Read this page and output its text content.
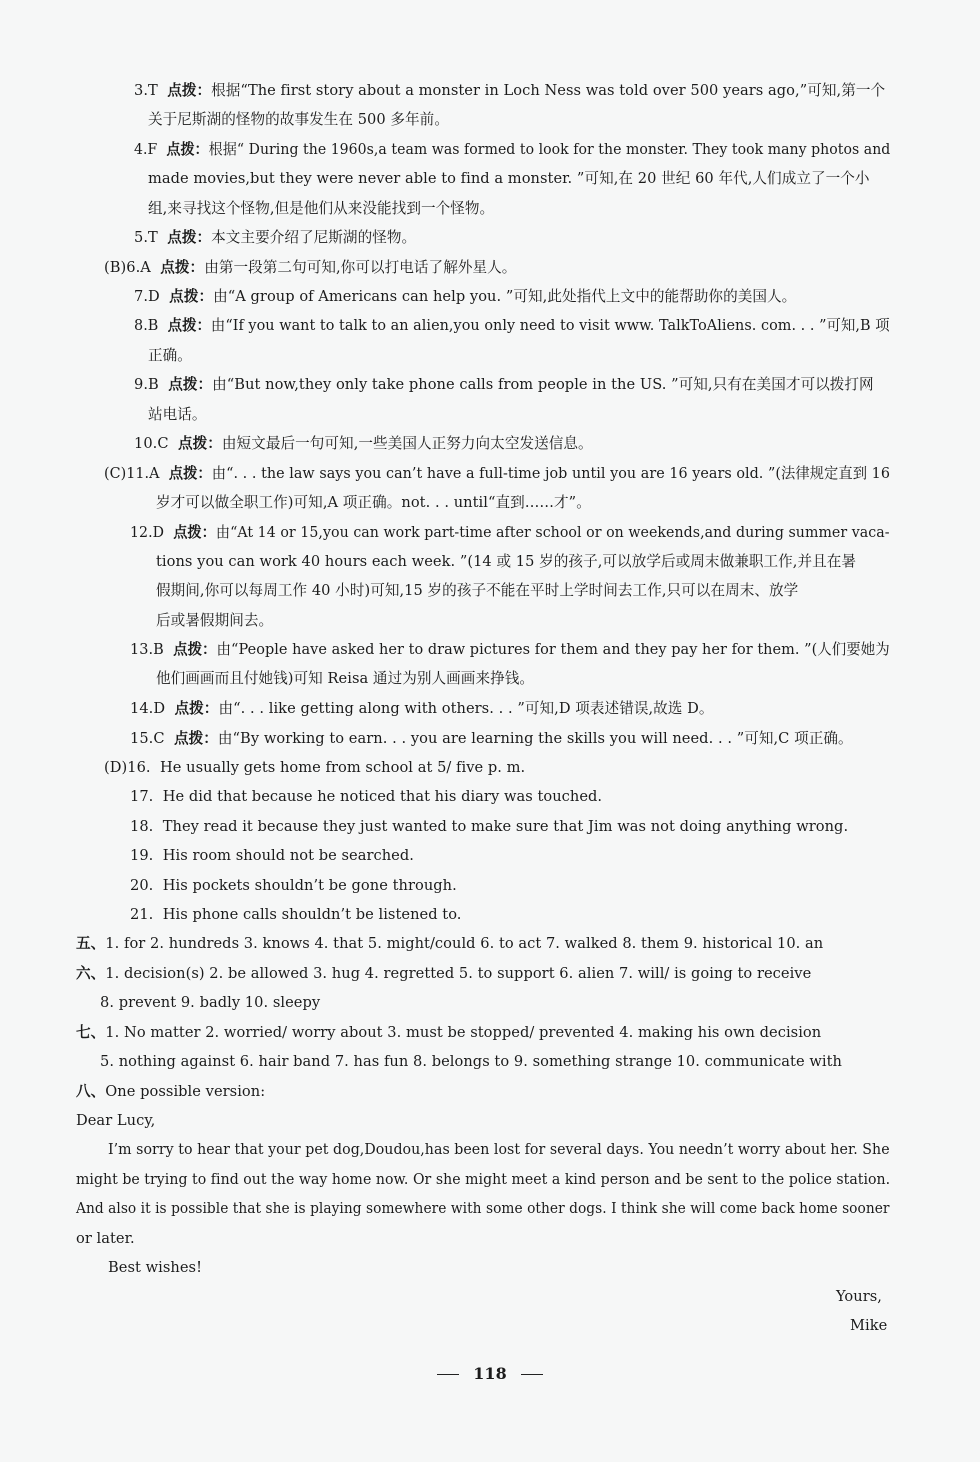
3.T 点拨：根据“The first story about a monster in Loch Ness was told over 500 years ago,”可知,第一个
关于尼斯湖的怪物的故事发生在 500 多年前。
4.F 点拨：根据“ During the 1960s,a team was formed to look for the monster. They took many photos and
made movies,but they were never able to find a monster. ”可知,在 20 世纪 60 年代,人们成立了一个小
组,来寻找这个怪物,但是他们从来没能找到一个怪物。
5.T 点拨：本文主要介绍了尼斯湖的怪物。
(B)6.A 点拨：由第一段第二句可知,你可以打电话了解外星人。
7.D 点拨：由“A group of Americans can help you. ”可知,此处指代上文中的能帮助你的美国人。
8.B 点拨：由“If you want to talk to an alien,you only need to visit www. TalkToAliens. com. . . ”可知,B 项
正确。
9.B 点拨：由“But now,they only take phone calls from people in the US. ”可知,只有在美国才可以拨打网
站电话。
10.C 点拨：由短文最后一句可知,一些美国人正努力向太空发送信息。
(C)11.A 点拨：由“. . . the law says you can’t have a full-time job until you are 16 years old. ”(法律规定直到 16
岁才可以做全职工作)可知,A 项正确。not. . . until“直到……才”。
12.D 点拨：由“At 14 or 15,you can work part-time after school or on weekends,and during summer vaca-
tions you can work 40 hours each week. ”(14 或 15 岁的孩子,可以放学后或周末做兼职工作,并且在暑
假期间,你可以每周工作 40 小时)可知,15 岁的孩子不能在平时上学时间去工作,只可以在周末、放学
后或暑假期间去。
13.B 点拨：由“People have asked her to draw pictures for them and they pay her for them. ”(人们要她为
他们画画而且付她钱)可知 Reisa 通过为别人画画来挣钱。
14.D 点拨：由“. . . like getting along with others. . . ”可知,D 项表述错误,故选 D。
15.C 点拨：由“By working to earn. . . you are learning the skills you will need. . . ”可知,C 项正确。
(D)16. He usually gets home from school at 5/ five p. m.
17. He did that because he noticed that his diary was touched.
18. They read it because they just wanted to make sure that Jim was not doing anything wrong.
19. His room should not be searched.
20. His pockets shouldn’t be gone through.
21. His phone calls shouldn’t be listened to.
五、1. for 2. hundreds 3. knows 4. that 5. might/could 6. to act 7. walked 8. them 9. historical 10. an
六、1. decision(s) 2. be allowed 3. hug 4. regretted 5. to support 6. alien 7. will/ is going to receive
8. prevent 9. badly 10. sleepy
七、1. No matter 2. worried/ worry about 3. must be stopped/ prevented 4. making his own decision
5. nothing against 6. hair band 7. has fun 8. belongs to 9. something strange 10. communicate with
八、One possible version:
Dear Lucy,
I’m sorry to hear that your pet dog,Doudou,has been lost for several days. You needn’t worry about her. She
might be trying to find out the way home now. Or she might meet a kind person and be sent to the police station.
And also it is possible that she is playing somewhere with some other dogs. I think she will come back home sooner
or later.
Best wishes!
Yours,
Mike
118
